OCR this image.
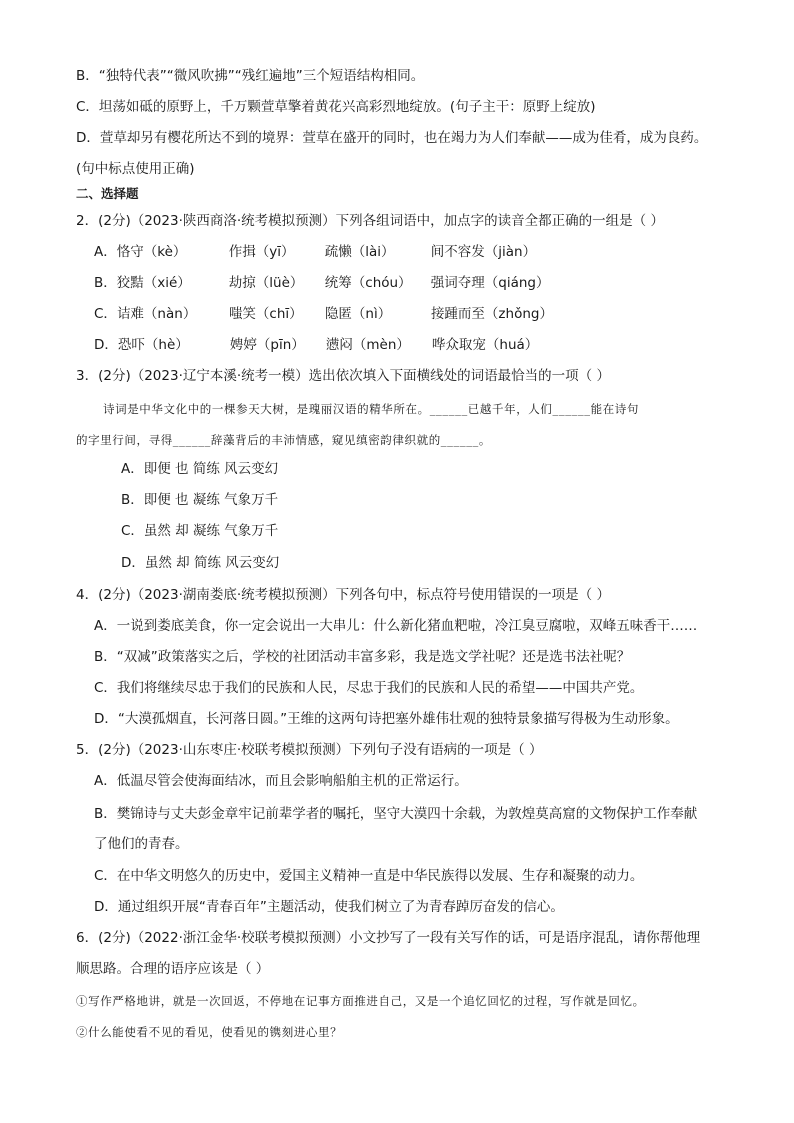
B．“独特代表”“微风吹拂”“残红遍地”三个短语结构相同。
C．坦荡如砥的原野上，千万颗萱草擎着黄花兴高彩烈地绽放。(句子主干：原野上绽放)
D．萱草却另有樱花所达不到的境界：萱草在盛开的同时，也在竭力为人们奉献——成为佳肴，成为良药。
(句中标点使用正确)
二、选择题
2．(2分)（2023·陕西商洛·统考模拟预测）下列各组词语中，加点字的读音全都正确的一组是（ ）
A．恪守（kè）	作揖（yī） 疏懒（lài）	间不容发（jiàn）
B．狡黠（xié）	劫掠（lüè） 统筹（chóu） 强词夺理（qiáng）
C．诘难（nàn） 嗤笑（chī） 隐匿（nì）	接踵而至（zhǒng）
D．恐吓（hè）	娉婷（pīn） 懑闷（mèn） 哗众取宠（huá）
3．(2分)（2023·辽宁本溪·统考一模）选出依次填入下面横线处的词语最恰当的一项（ ）
诗词是中华文化中的一棵参天大树，是瑰丽汉语的精华所在。______已越千年，人们______能在诗句
的字里行间，寻得______辞藻背后的丰沛情感，窥见缜密韵律织就的______。
A．即便 也 简练 风云变幻
B．即便 也 凝练 气象万千
C．虽然 却 凝练 气象万千
D．虽然 却 简练 风云变幻
4．(2分)（2023·湖南娄底·统考模拟预测）下列各句中，标点符号使用错误的一项是（ ）
A．一说到娄底美食，你一定会说出一大串儿：什么新化猪血粑啦，冷江臭豆腐啦，双峰五味香干……
B．“双减”政策落实之后，学校的社团活动丰富多彩，我是选文学社呢？还是选书法社呢？
C．我们将继续尽忠于我们的民族和人民，尽忠于我们的民族和人民的希望——中国共产党。
D．“大漠孤烟直，长河落日圆。”王维的这两句诗把塞外雄伟壮观的独特景象描写得极为生动形象。
5．(2分)（2023·山东枣庄·校联考模拟预测）下列句子没有语病的一项是（ ）
A．低温尽管会使海面结冰，而且会影响船舶主机的正常运行。
B．樊锦诗与丈夫彭金章牢记前辈学者的嘱托，坚守大漠四十余载，为敦煌莫高窟的文物保护工作奉献
了他们的青春。
C．在中华文明悠久的历史中，爱国主义精神一直是中华民族得以发展、生存和凝聚的动力。
D．通过组织开展“青春百年”主题活动，使我们树立了为青春踔厉奋发的信心。
6．(2分)（2022·浙江金华·校联考模拟预测）小文抄写了一段有关写作的话，可是语序混乱，请你帮他理
顺思路。合理的语序应该是（ ）
①写作严格地讲，就是一次回返，不停地在记事方面推进自己，又是一个追忆回忆的过程，写作就是回忆。
②什么能使看不见的看见，使看见的镌刻进心里？
